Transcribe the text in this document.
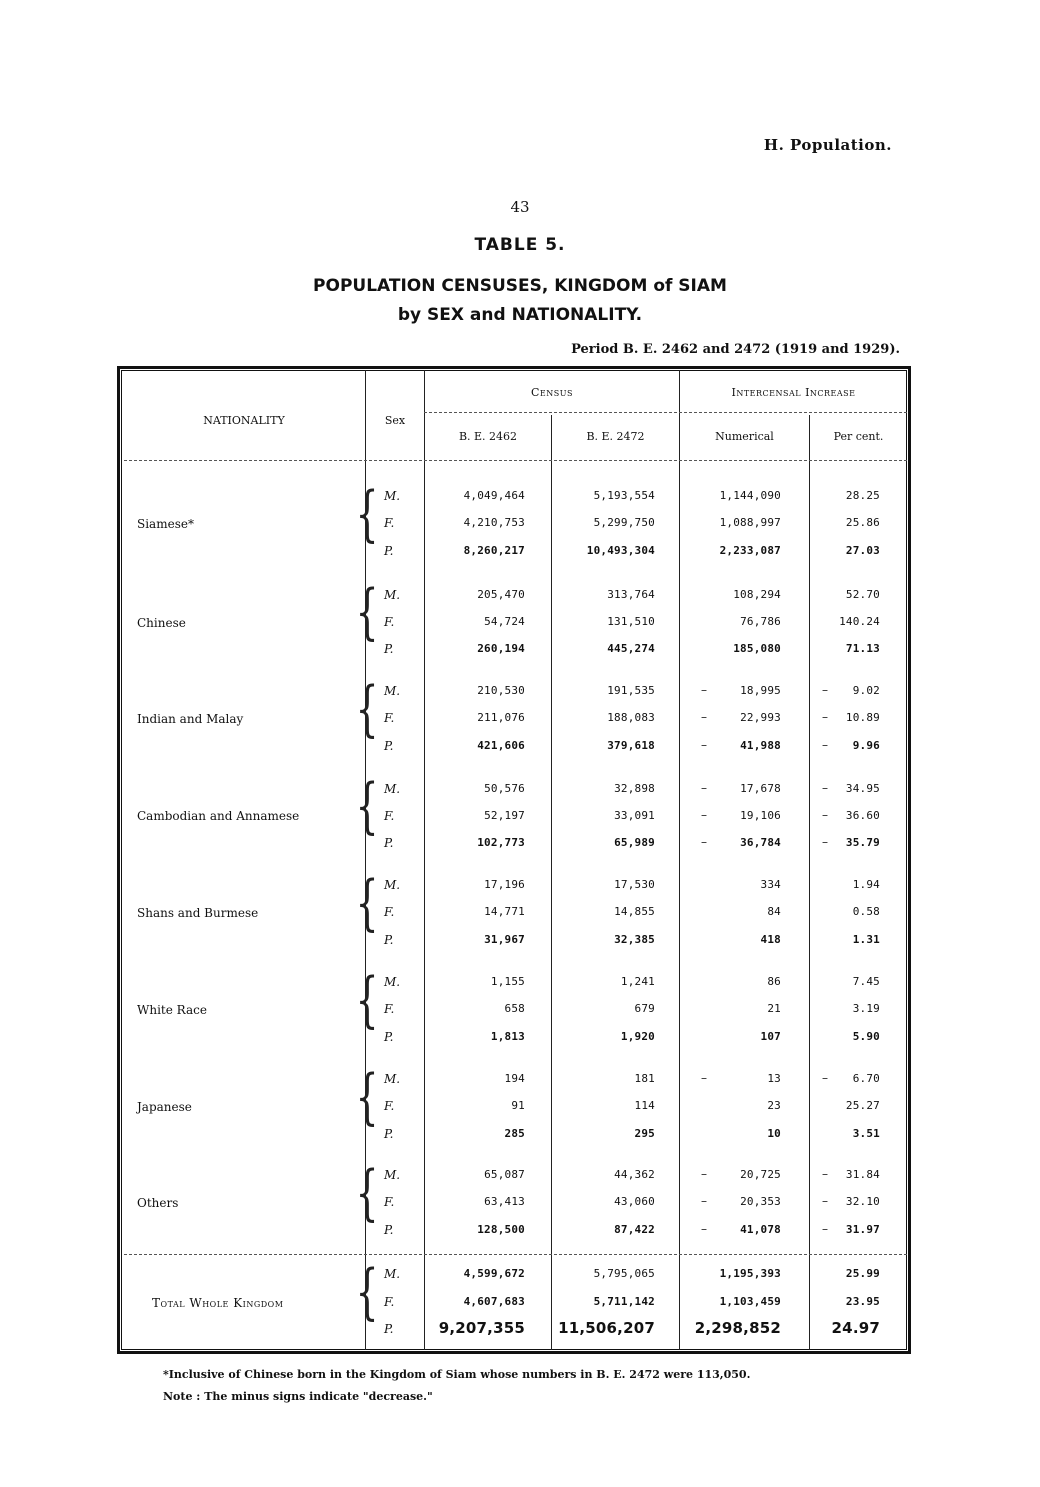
H. Population.
43
TABLE 5.
POPULATION CENSUSES, KINGDOM of SIAM
by SEX and NATIONALITY.
Period B. E. 2462 and 2472 (1919 and 1929).
NATIONALITY	Sex
Census
B. E. 2462	B. E. 2472
Intercensal Increase
Numerical	Per cent.
Siamese*	{ M.	4,049,464	5,193,554	1,144,090	28.25
F.	4,210,753	5,299,750	1,088,997	25.86
P.	8,260,217	10,493,304	2,233,087	27.03
Chinese	{ M.	205,470	313,764	108,294	52.70
F.	54,724	131,510	76,786	140.24
P.	260,194	445,274	185,080	71.13
Indian and Malay { M.	210,530	191,535	–	18,995	–	9.02
F.	211,076	188,083	–	22,993	–	10.89
P.	421,606	379,618	–	41,988	–	9.96
Cambodian and Annamese { M.	50,576	32,898	–	17,678	–	34.95
F.	52,197	33,091	–	19,106	–	36.60
P.	102,773	65,989	–	36,784	–	35.79
Shans and Burmese { M.	17,196	17,530	334	1.94
F.	14,771	14,855	84	0.58
P.	31,967	32,385	418	1.31
White Race { M.	1,155	1,241	86	7.45
F.	658	679	21	3.19
P.	1,813	1,920	107	5.90
Japanese	{ M.	194	181	–	13	–	6.70
F.	91	114	23	25.27
P.	285	295	10	3.51
Others	{ M.	65,087	44,362	–	20,725	–	31.84
F.	63,413	43,060	–	20,353	–	32.10
P.	128,500	87,422	–	41,078	–	31.97
Total Whole Kingdom { M.	4,599,672	5,795,065	1,195,393	25.99
F.	4,607,683	5,711,142	1,103,459	23.95
P.	9,207,355	11,506,207	2,298,852	24.97
*Inclusive of Chinese born in the Kingdom of Siam whose numbers in B. E. 2472 were 113,050.
Note : The minus signs indicate "decrease."
